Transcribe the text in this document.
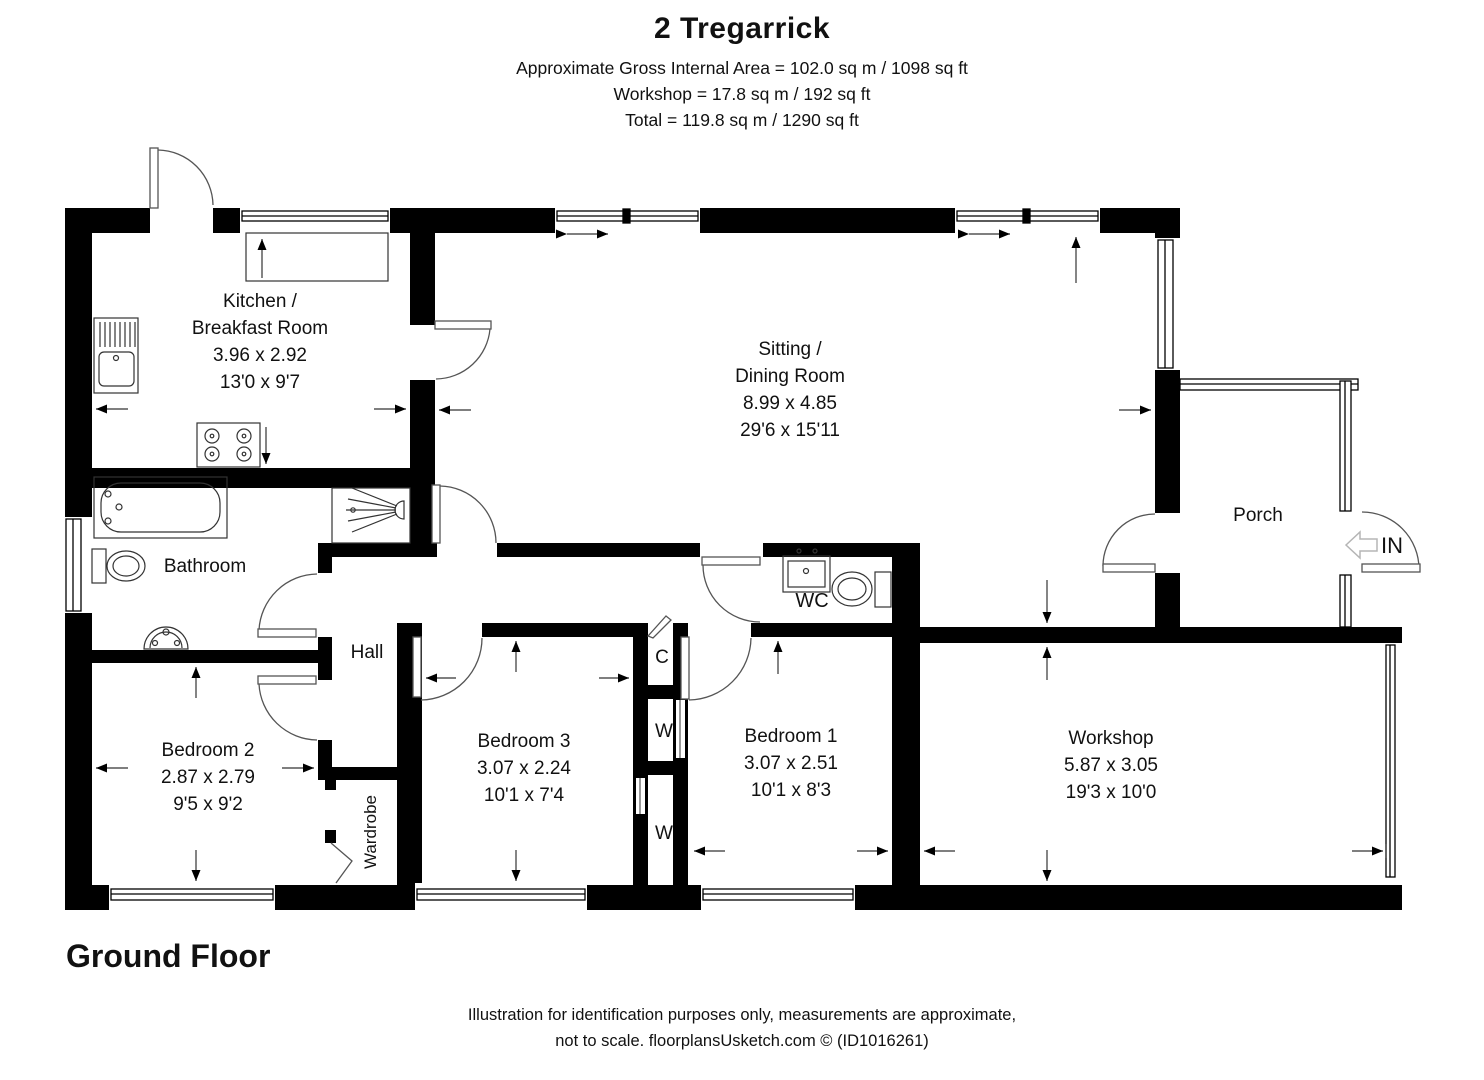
2 Tregarrick
Approximate Gross Internal Area = 102.0 sq m / 1098 sq ft
Workshop = 17.8 sq m / 192 sq ft
Total = 119.8 sq m / 1290 sq ft
Kitchen /
Breakfast Room
3.96 x 2.92
13'0 x 9'7
Sitting /
Dining Room
8.99 x 4.85
29'6 x 15'11
Bathroom
Hall
WC
Porch
IN
Bedroom 2
2.87 x 2.79
9'5 x 9'2
Bedroom 3
3.07 x 2.24
10'1 x 7'4
Bedroom 1
3.07 x 2.51
10'1 x 8'3
Workshop
5.87 x 3.05
19'3 x 10'0
C
W
W
Wardrobe
Ground Floor
Illustration for identification purposes only, measurements are approximate,
not to scale. floorplansUsketch.com © (ID1016261)
